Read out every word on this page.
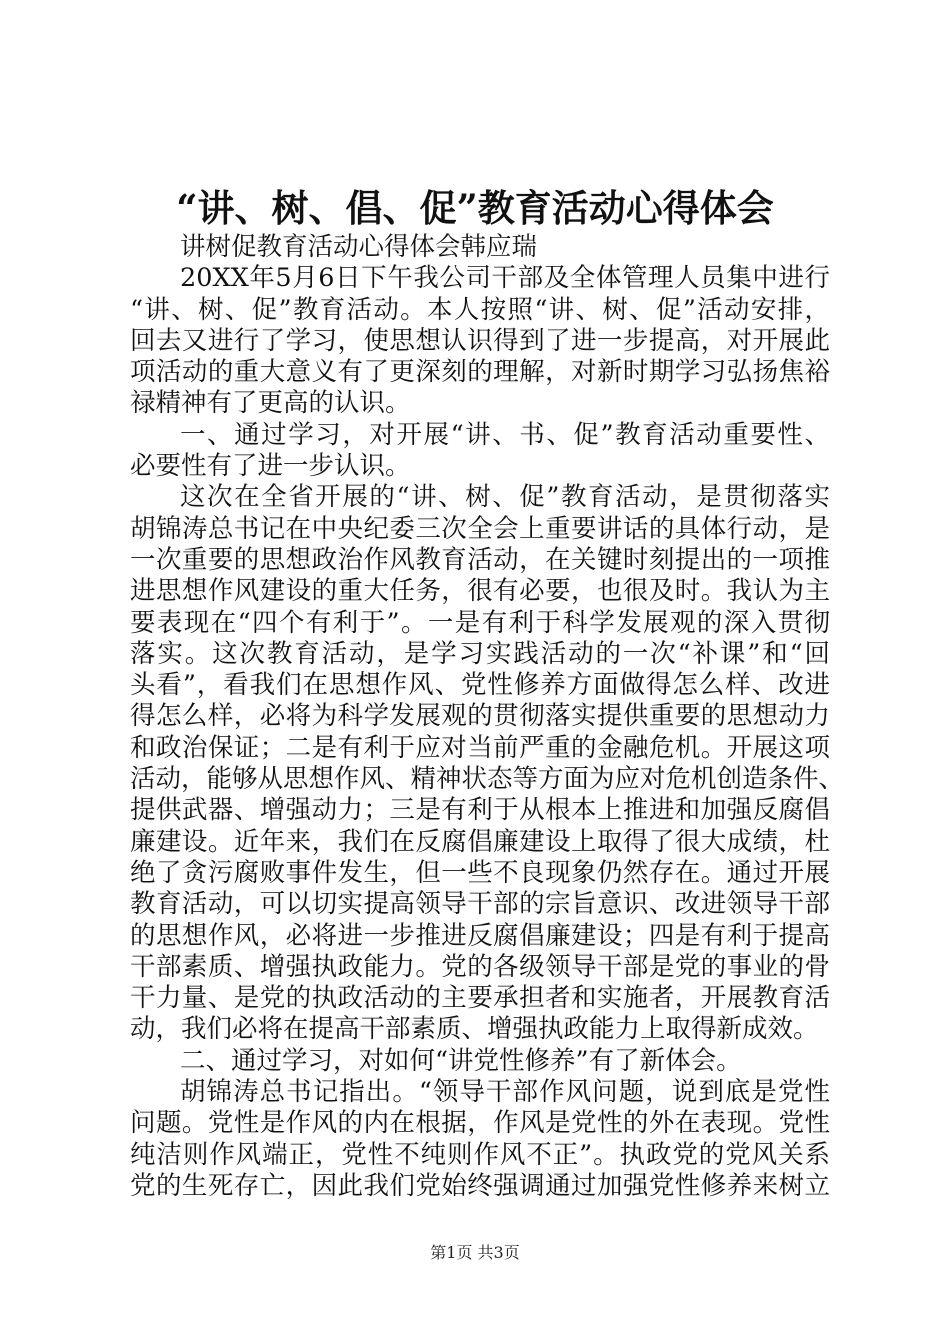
“讲、树、倡、促”教育活动心得体会
讲树促教育活动心得体会韩应瑞
20XX年5月6日下午我公司干部及全体管理人员集中进行
“讲、树、促”教育活动。本人按照“讲、树、促”活动安排，
回去又进行了学习，使思想认识得到了进一步提高，对开展此
项活动的重大意义有了更深刻的理解，对新时期学习弘扬焦裕
禄精神有了更高的认识。
一、通过学习，对开展“讲、书、促”教育活动重要性、
必要性有了进一步认识。
这次在全省开展的“讲、树、促”教育活动，是贯彻落实
胡锦涛总书记在中央纪委三次全会上重要讲话的具体行动，是
一次重要的思想政治作风教育活动，在关键时刻提出的一项推
进思想作风建设的重大任务，很有必要，也很及时。我认为主
要表现在“四个有利于”。一是有利于科学发展观的深入贯彻
落实。这次教育活动，是学习实践活动的一次“补课”和“回
头看”，看我们在思想作风、党性修养方面做得怎么样、改进
得怎么样，必将为科学发展观的贯彻落实提供重要的思想动力
和政治保证；二是有利于应对当前严重的金融危机。开展这项
活动，能够从思想作风、精神状态等方面为应对危机创造条件、
提供武器、增强动力；三是有利于从根本上推进和加强反腐倡
廉建设。近年来，我们在反腐倡廉建设上取得了很大成绩，杜
绝了贪污腐败事件发生，但一些不良现象仍然存在。通过开展
教育活动，可以切实提高领导干部的宗旨意识、改进领导干部
的思想作风，必将进一步推进反腐倡廉建设；四是有利于提高
干部素质、增强执政能力。党的各级领导干部是党的事业的骨
干力量、是党的执政活动的主要承担者和实施者，开展教育活
动，我们必将在提高干部素质、增强执政能力上取得新成效。
二、通过学习，对如何“讲党性修养”有了新体会。
胡锦涛总书记指出。“领导干部作风问题，说到底是党性
问题。党性是作风的内在根据，作风是党性的外在表现。党性
纯洁则作风端正，党性不纯则作风不正”。执政党的党风关系
党的生死存亡，因此我们党始终强调通过加强党性修养来树立
第1页 共3页
